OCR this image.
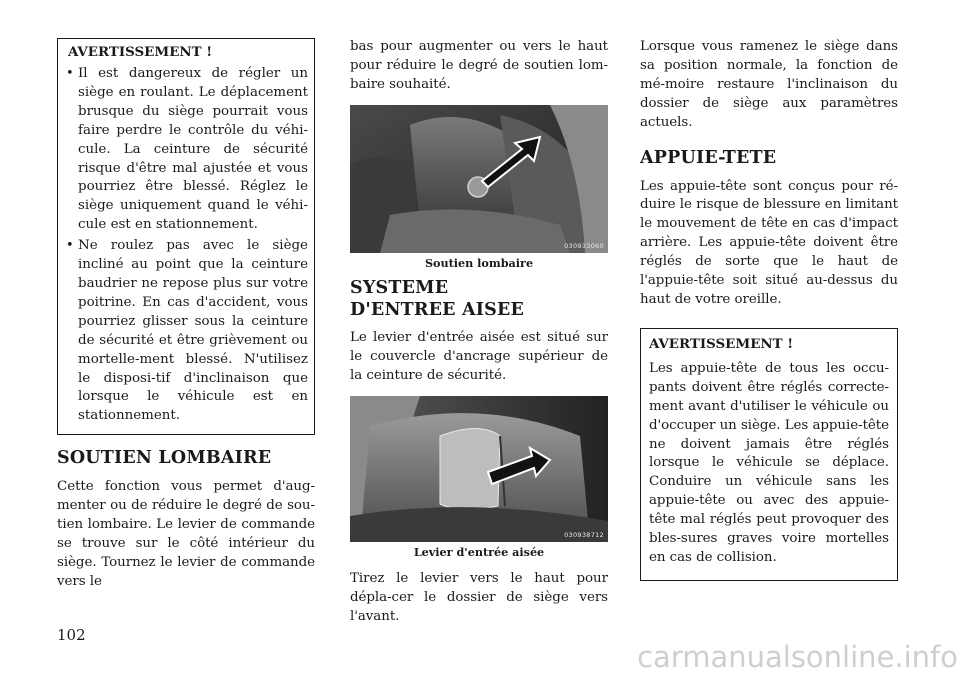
AVERTISSEMENT !

• Il est dangereux de régler un siège en roulant. Le déplacement brusque du siège pourrait vous faire perdre le contrôle du véhi-cule. La ceinture de sécurité risque d'être mal ajustée et vous pourriez être blessé. Réglez le siège uniquement quand le véhi-cule est en stationnement.
• Ne roulez pas avec le siège incliné au point que la ceinture baudrier ne repose plus sur votre poitrine. En cas d'accident, vous pourriez glisser sous la ceinture de sécurité et être grièvement ou mortelle-ment blessé. N'utilisez le disposi-tif d'inclinaison que lorsque le véhicule est en stationnement.
SOUTIEN LOMBAIRE

Cette fonction vous permet d'aug-menter ou de réduire le degré de sou-tien lombaire. Le levier de commande se trouve sur le côté intérieur du siège. Tournez le levier de commande vers le

bas pour augmenter ou vers le haut pour réduire le degré de soutien lom-baire souhaité.

030933060

Soutien lombaire

SYSTEME D'ENTREE AISEE

Le levier d'entrée aisée est situé sur le couvercle d'ancrage supérieur de la ceinture de sécurité.

030938712

Levier d'entrée aisée

Tirez le levier vers le haut pour dépla-cer le dossier de siège vers l'avant.

Lorsque vous ramenez le siège dans sa position normale, la fonction de mé-moire restaure l'inclinaison du dossier de siège aux paramètres actuels.

APPUIE-TETE

Les appuie-tête sont conçus pour ré-duire le risque de blessure en limitant le mouvement de tête en cas d'impact arrière. Les appuie-tête doivent être réglés de sorte que le haut de l'appuie-tête soit situé au-dessus du haut de votre oreille.

AVERTISSEMENT !

Les appuie-tête de tous les occu-pants doivent être réglés correcte-ment avant d'utiliser le véhicule ou d'occuper un siège. Les appuie-tête ne doivent jamais être réglés lorsque le véhicule se déplace. Conduire un véhicule sans les appuie-tête ou avec des appuie-tête mal réglés peut provoquer des bles-sures graves voire mortelles en cas de collision.

102
carmanualsonline.info
